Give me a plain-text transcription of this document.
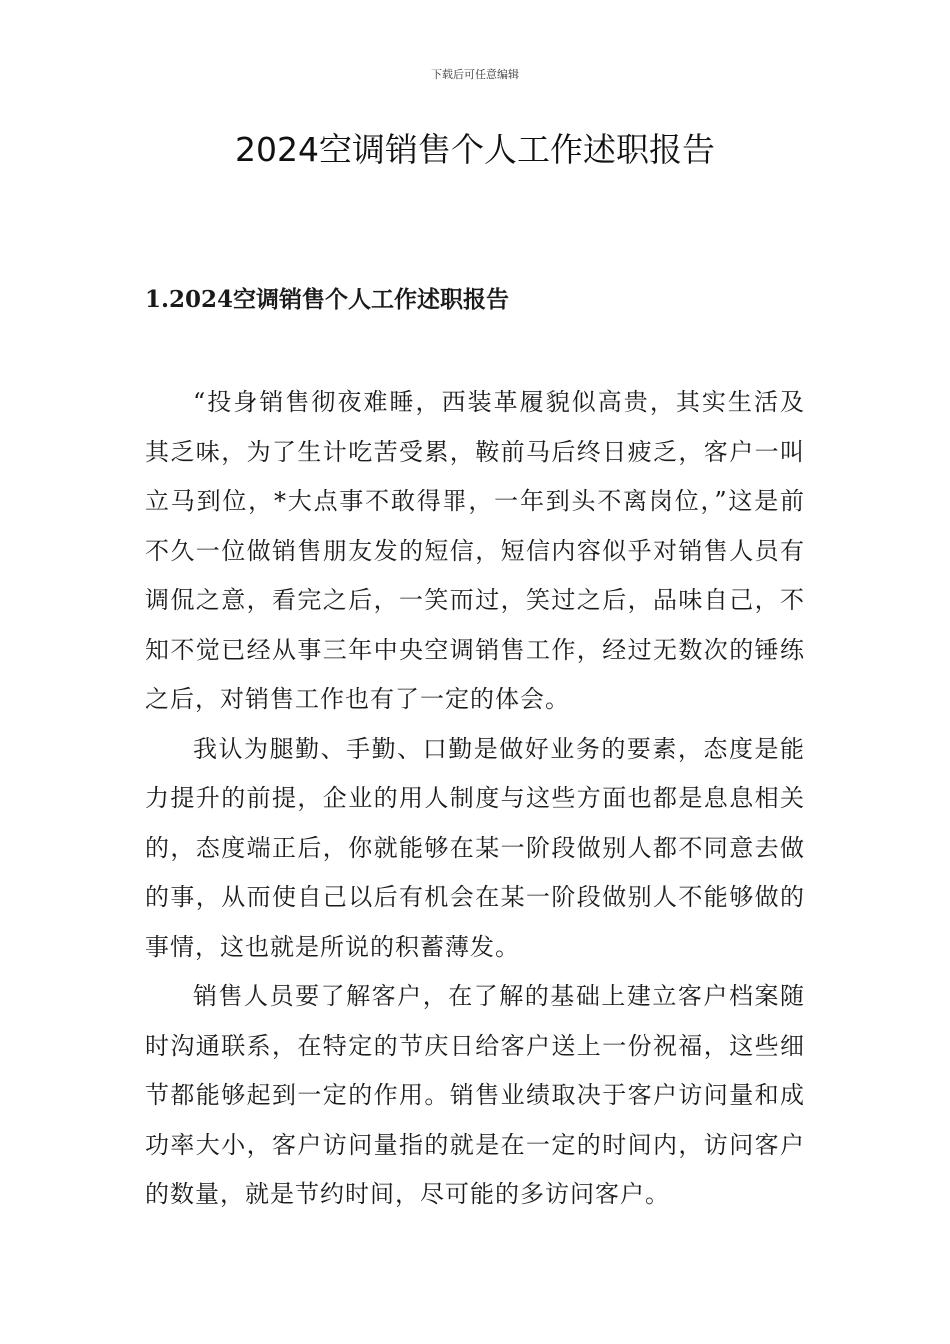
下载后可任意编辑
2024空调销售个人工作述职报告
1.2024空调销售个人工作述职报告

“投身销售彻夜难睡，西装革履貌似高贵，其实生活及其乏味，为了生计吃苦受累，鞍前马后终日疲乏，客户一叫立马到位，*大点事不敢得罪，一年到头不离岗位，”这是前不久一位做销售朋友发的短信，短信内容似乎对销售人员有调侃之意，看完之后，一笑而过，笑过之后，品味自己，不知不觉已经从事三年中央空调销售工作，经过无数次的锤练之后，对销售工作也有了一定的体会。

我认为腿勤、手勤、口勤是做好业务的要素，态度是能力提升的前提，企业的用人制度与这些方面也都是息息相关的，态度端正后，你就能够在某一阶段做别人都不同意去做的事，从而使自己以后有机会在某一阶段做别人不能够做的事情，这也就是所说的积蓄薄发。

销售人员要了解客户，在了解的基础上建立客户档案随时沟通联系，在特定的节庆日给客户送上一份祝福，这些细节都能够起到一定的作用。销售业绩取决于客户访问量和成功率大小，客户访问量指的就是在一定的时间内，访问客户的数量，就是节约时间，尽可能的多访问客户。
